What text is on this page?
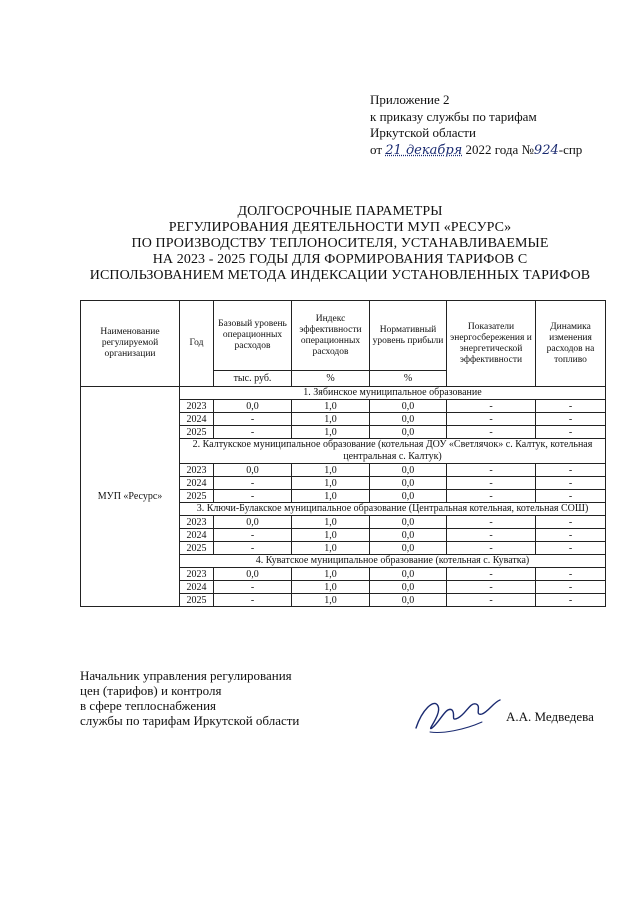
Приложение 2
к приказу службы по тарифам
Иркутской области
от 21 декабря 2022 года №924-спр
ДОЛГОСРОЧНЫЕ ПАРАМЕТРЫ
РЕГУЛИРОВАНИЯ ДЕЯТЕЛЬНОСТИ МУП «РЕСУРС»
ПО ПРОИЗВОДСТВУ ТЕПЛОНОСИТЕЛЯ, УСТАНАВЛИВАЕМЫЕ
НА 2023 - 2025 ГОДЫ ДЛЯ ФОРМИРОВАНИЯ ТАРИФОВ С
ИСПОЛЬЗОВАНИЕМ МЕТОДА ИНДЕКСАЦИИ УСТАНОВЛЕННЫХ ТАРИФОВ
Наименование регулируемой организации	Год	Базовый уровень операционных расходов	Индекс эффективности операционных расходов	Нормативный уровень прибыли	Показатели энергосбережения и энергетической эффективности	Динамика изменения расходов на топливо
		тыс. руб.	%	%		
МУП «Ресурс»	1. Зябинское муниципальное образование					
	2023	0,0	1,0	0,0	-	-
	2024	-	1,0	0,0	-	-
	2025	-	1,0	0,0	-	-
	2. Калтукское муниципальное образование (котельная ДОУ «Светлячок» с. Калтук, котельная центральная с. Калтук)					
	2023	0,0	1,0	0,0	-	-
	2024	-	1,0	0,0	-	-
	2025	-	1,0	0,0	-	-
	3. Ключи-Булакское муниципальное образование (Центральная котельная, котельная СОШ)					
	2023	0,0	1,0	0,0	-	-
	2024	-	1,0	0,0	-	-
	2025	-	1,0	0,0	-	-
	4. Куватское муниципальное образование (котельная с. Куватка)					
	2023	0,0	1,0	0,0	-	-
	2024	-	1,0	0,0	-	-
	2025	-	1,0	0,0	-	-
Начальник управления регулирования
цен (тарифов) и контроля
в сфере теплоснабжения
службы по тарифам Иркутской области	А.А. Медведева
